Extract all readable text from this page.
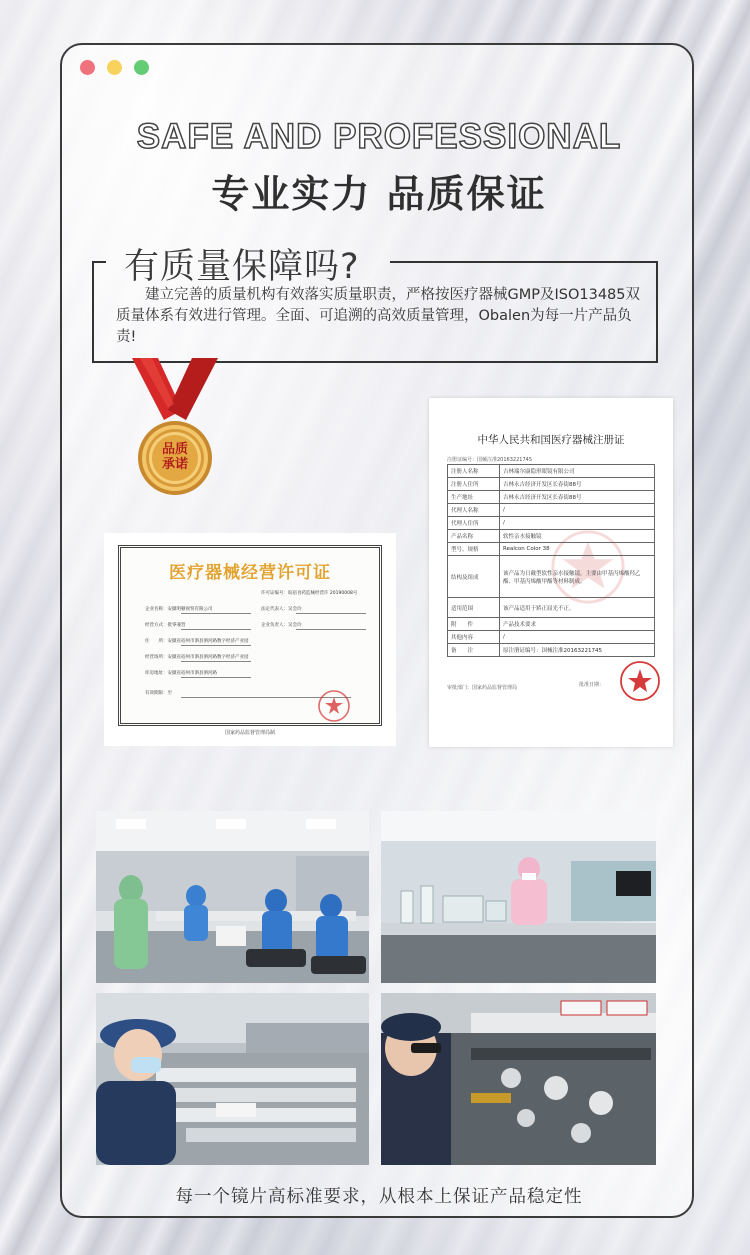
SAFE AND PROFESSIONAL
专业实力 品质保证
有质量保障吗?
建立完善的质量机构有效落实质量职责，严格按医疗器械GMP及ISO13485双质量体系有效进行管理。全面、可追溯的高效质量管理，Obalen为每一片产品负责!
品质
承诺
中华人民共和国医疗器械注册证
注册证编号：国械注准20163221745
注册人名称	吉林瑞尔康隐形眼镜有限公司
注册人住所	吉林永吉经济开发区长春街88号
生产地址	吉林永吉经济开发区长春街88号
代理人名称	/
代理人住所	/
产品名称	软性亲水接触镜
型号、规格	Realcon Color 38
结构及组成	该产品为日戴型软性亲水接触镜，主要由甲基丙烯酸羟乙酯、甲基丙烯酸甲酯等材料制成。
适用范围	该产品适用于矫正屈光不正。
附　　件	产品技术要求
其他内容	/
备　　注	原注册证编号：国械注准20163221745
审批部门：国家药品监督管理局	批准日期：
医疗器械经营许可证
许可证编号：皖宿食药监械经营许 20190008号
企业名称：安徽明顿视贸有限公司	法定代表人：吴会玲
经营方式：批零兼营	企业负责人：吴会玲
住　　所：安徽省宿州市泗县泗河路数字经济产业园
经营场所：安徽省宿州市泗县泗河路数字经济产业园
库房地址：安徽省宿州市泗县泗河路
有效期限：至
国家药品监督管理局制
每一个镜片高标准要求，从根本上保证产品稳定性
